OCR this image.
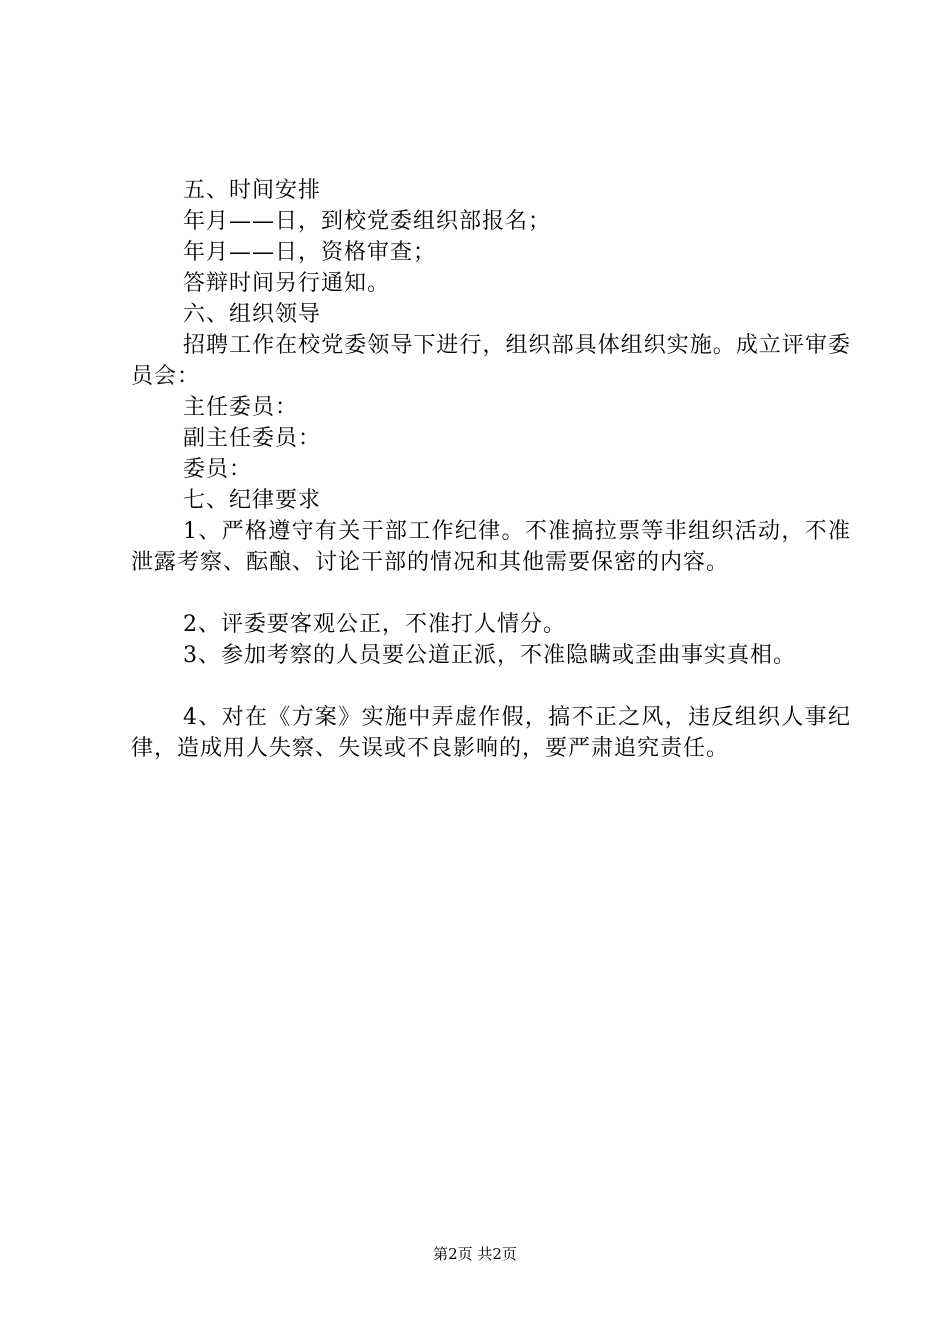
五、时间安排

年月——日，到校党委组织部报名；

年月——日，资格审查；

答辩时间另行通知。

六、组织领导

招聘工作在校党委领导下进行，组织部具体组织实施。成立评审委员会：

主任委员：

副主任委员：

委员：

七、纪律要求

1、严格遵守有关干部工作纪律。不准搞拉票等非组织活动，不准泄露考察、酝酿、讨论干部的情况和其他需要保密的内容。

2、评委要客观公正，不准打人情分。

3、参加考察的人员要公道正派，不准隐瞒或歪曲事实真相。

4、对在《方案》实施中弄虚作假，搞不正之风，违反组织人事纪律，造成用人失察、失误或不良影响的，要严肃追究责任。

第2页 共2页
